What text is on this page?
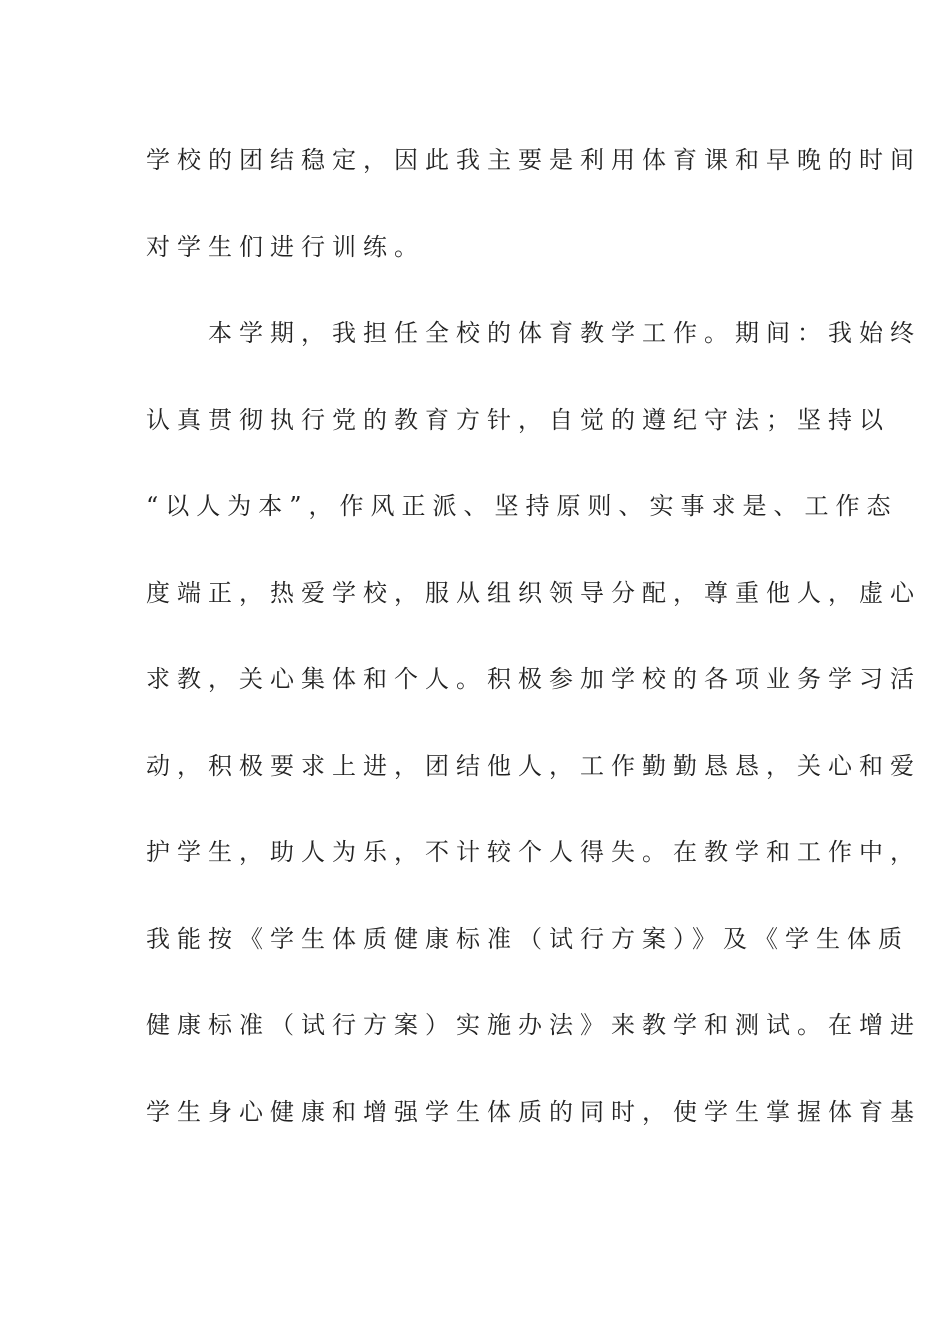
学校的团结稳定，因此我主要是利用体育课和早晚的时间
对学生们进行训练。
　　本学期，我担任全校的体育教学工作。期间：我始终
认真贯彻执行党的教育方针，自觉的遵纪守法；坚持以
“以人为本”，作风正派、坚持原则、实事求是、工作态
度端正，热爱学校，服从组织领导分配，尊重他人，虚心
求教，关心集体和个人。积极参加学校的各项业务学习活
动，积极要求上进，团结他人，工作勤勤恳恳，关心和爱
护学生，助人为乐，不计较个人得失。在教学和工作中，
我能按《学生体质健康标准（试行方案）》及《学生体质
健康标准（试行方案）实施办法》来教学和测试。在增进
学生身心健康和增强学生体质的同时，使学生掌握体育基
